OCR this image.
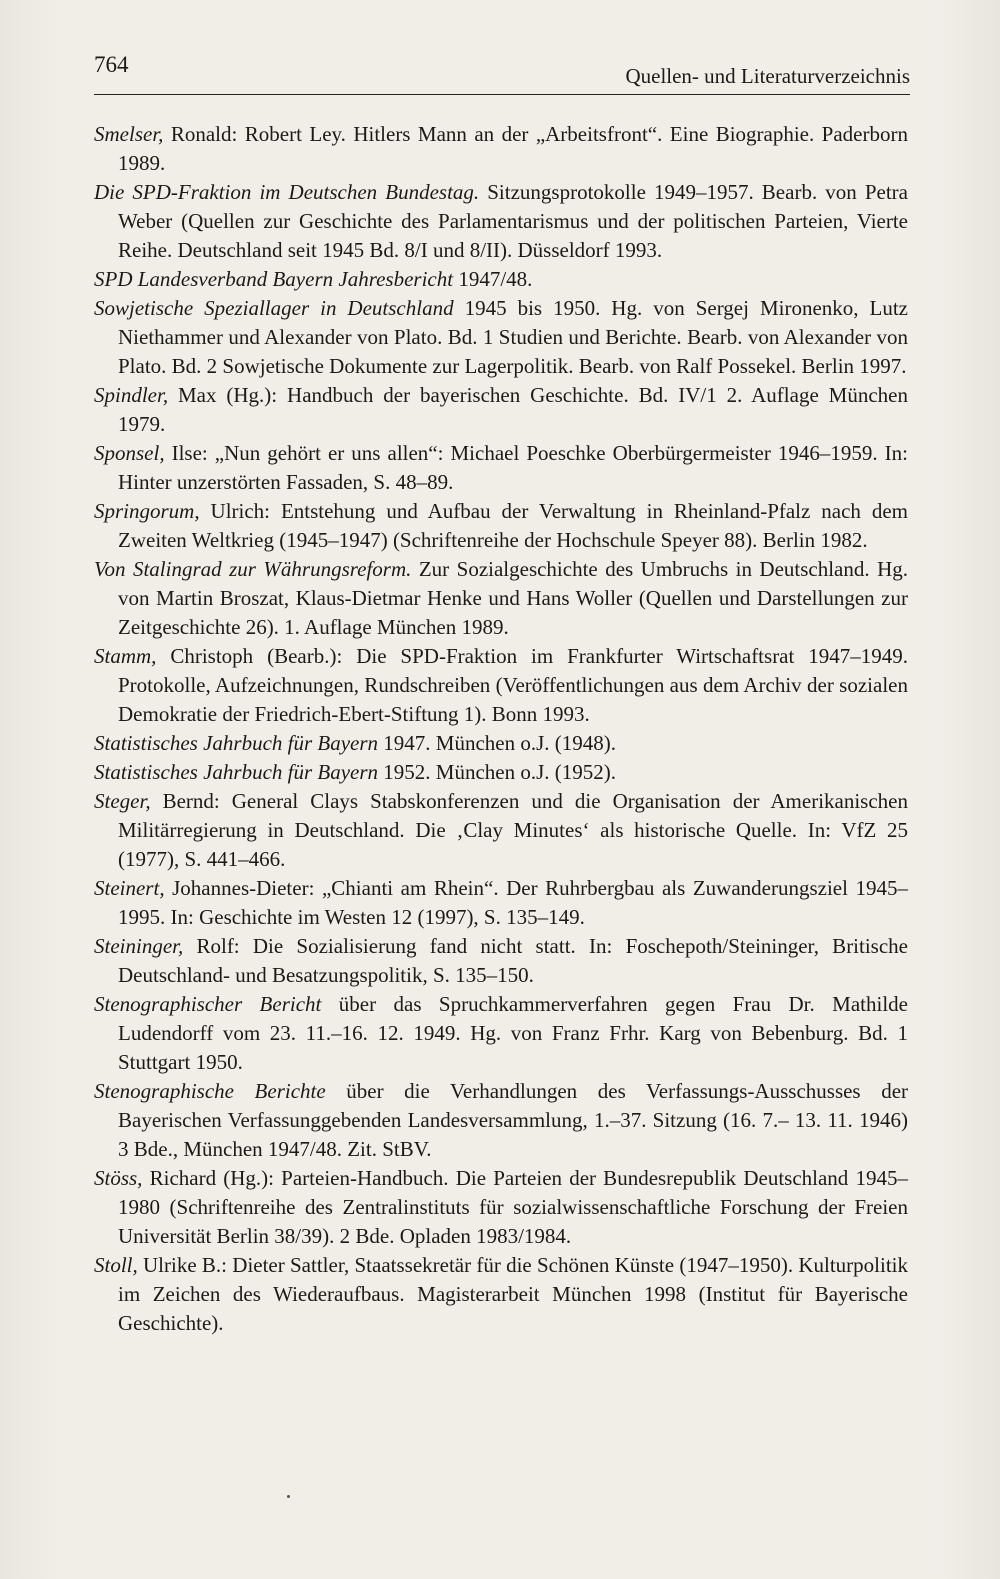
764	Quellen- und Literaturverzeichnis

Smelser, Ronald: Robert Ley. Hitlers Mann an der „Arbeitsfront“. Eine Biographie. Paderborn 1989.

Die SPD-Fraktion im Deutschen Bundestag. Sitzungsprotokolle 1949–1957. Bearb. von Petra Weber (Quellen zur Geschichte des Parlamentarismus und der politischen Parteien, Vierte Reihe. Deutschland seit 1945 Bd. 8/I und 8/II). Düsseldorf 1993.

SPD Landesverband Bayern Jahresbericht 1947/48.

Sowjetische Speziallager in Deutschland 1945 bis 1950. Hg. von Sergej Mironenko, Lutz Niethammer und Alexander von Plato. Bd. 1 Studien und Berichte. Bearb. von Alexander von Plato. Bd. 2 Sowjetische Dokumente zur Lagerpolitik. Bearb. von Ralf Possekel. Berlin 1997.

Spindler, Max (Hg.): Handbuch der bayerischen Geschichte. Bd. IV/1 2. Auflage München 1979.

Sponsel, Ilse: „Nun gehört er uns allen“: Michael Poeschke Oberbürgermeister 1946–1959. In: Hinter unzerstörten Fassaden, S. 48–89.

Springorum, Ulrich: Entstehung und Aufbau der Verwaltung in Rheinland-Pfalz nach dem Zweiten Weltkrieg (1945–1947) (Schriftenreihe der Hochschule Speyer 88). Berlin 1982.

Von Stalingrad zur Währungsreform. Zur Sozialgeschichte des Umbruchs in Deutschland. Hg. von Martin Broszat, Klaus-Dietmar Henke und Hans Woller (Quellen und Darstellungen zur Zeitgeschichte 26). 1. Auflage München 1989.

Stamm, Christoph (Bearb.): Die SPD-Fraktion im Frankfurter Wirtschaftsrat 1947–1949. Protokolle, Aufzeichnungen, Rundschreiben (Veröffentlichungen aus dem Archiv der sozialen Demokratie der Friedrich-Ebert-Stiftung 1). Bonn 1993.

Statistisches Jahrbuch für Bayern 1947. München o.J. (1948).

Statistisches Jahrbuch für Bayern 1952. München o.J. (1952).

Steger, Bernd: General Clays Stabskonferenzen und die Organisation der Amerikanischen Militärregierung in Deutschland. Die ‚Clay Minutes‘ als historische Quelle. In: VfZ 25 (1977), S. 441–466.

Steinert, Johannes-Dieter: „Chianti am Rhein“. Der Ruhrbergbau als Zuwanderungsziel 1945–1995. In: Geschichte im Westen 12 (1997), S. 135–149.

Steininger, Rolf: Die Sozialisierung fand nicht statt. In: Foschepoth/Steininger, Britische Deutschland- und Besatzungspolitik, S. 135–150.

Stenographischer Bericht über das Spruchkammerverfahren gegen Frau Dr. Mathilde Ludendorff vom 23. 11.–16. 12. 1949. Hg. von Franz Frhr. Karg von Bebenburg. Bd. 1 Stuttgart 1950.

Stenographische Berichte über die Verhandlungen des Verfassungs-Ausschusses der Bayerischen Verfassunggebenden Landesversammlung, 1.–37. Sitzung (16. 7.– 13. 11. 1946) 3 Bde., München 1947/48. Zit. StBV.

Stöss, Richard (Hg.): Parteien-Handbuch. Die Parteien der Bundesrepublik Deutschland 1945–1980 (Schriftenreihe des Zentralinstituts für sozialwissenschaftliche Forschung der Freien Universität Berlin 38/39). 2 Bde. Opladen 1983/1984.

Stoll, Ulrike B.: Dieter Sattler, Staatssekretär für die Schönen Künste (1947–1950). Kulturpolitik im Zeichen des Wiederaufbaus. Magisterarbeit München 1998 (Institut für Bayerische Geschichte).
